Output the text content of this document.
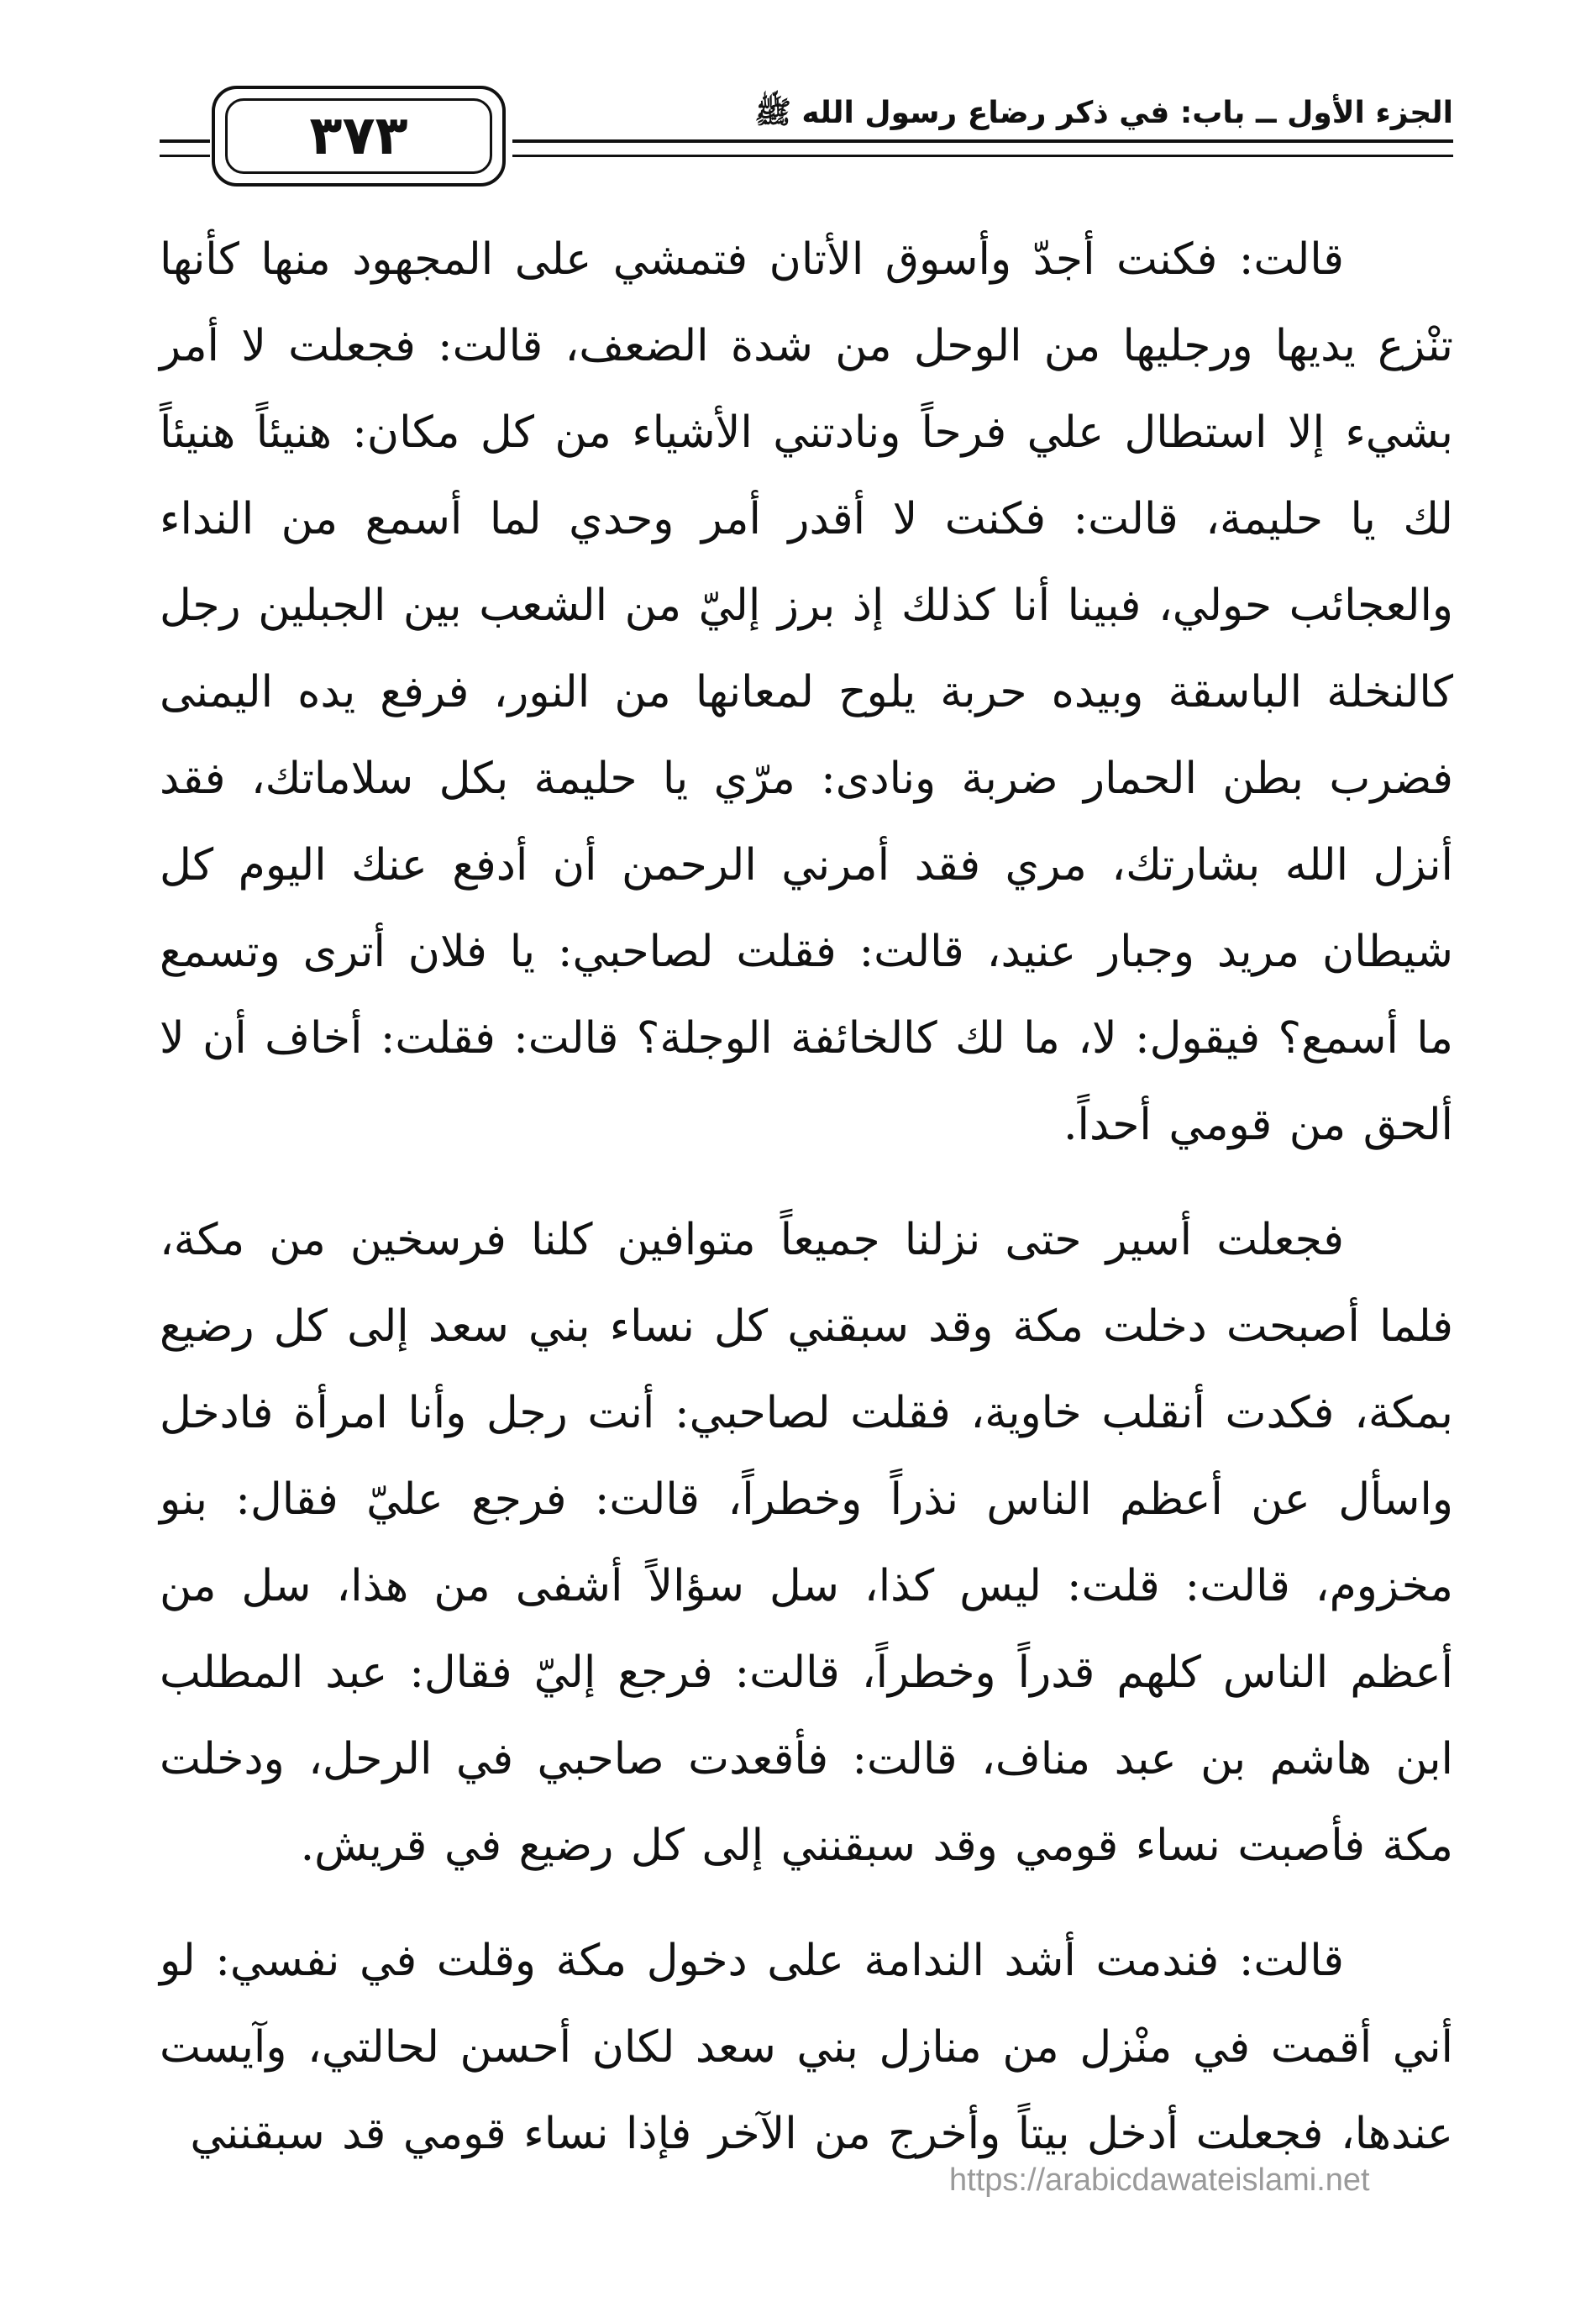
الجزء الأول ــ باب: في ذكر رضاع رسول الله ﷺ
٣٧٣

قالت: فكنت أجدّ وأسوق الأتان فتمشي على المجهود منها كأنها تنْزع يديها ورجليها من الوحل من شدة الضعف، قالت: فجعلت لا أمر بشيء إلا استطال علي فرحاً ونادتني الأشياء من كل مكان: هنيئاً هنيئاً لك يا حليمة، قالت: فكنت لا أقدر أمر وحدي لما أسمع من النداء والعجائب حولي، فبينا أنا كذلك إذ برز إليّ من الشعب بين الجبلين رجل كالنخلة الباسقة وبيده حربة يلوح لمعانها من النور، فرفع يده اليمنى فضرب بطن الحمار ضربة ونادى: مرّي يا حليمة بكل سلاماتك، فقد أنزل الله بشارتك، مري فقد أمرني الرحمن أن أدفع عنك اليوم كل شيطان مريد وجبار عنيد، قالت: فقلت لصاحبي: يا فلان أترى وتسمع ما أسمع؟ فيقول: لا، ما لك كالخائفة الوجلة؟ قالت: فقلت: أخاف أن لا ألحق من قومي أحداً.

فجعلت أسير حتى نزلنا جميعاً متوافين كلنا فرسخين من مكة، فلما أصبحت دخلت مكة وقد سبقني كل نساء بني سعد إلى كل رضيع بمكة، فكدت أنقلب خاوية، فقلت لصاحبي: أنت رجل وأنا امرأة فادخل واسأل عن أعظم الناس نذراً وخطراً، قالت: فرجع عليّ فقال: بنو مخزوم، قالت: قلت: ليس كذا، سل سؤالاً أشفى من هذا، سل من أعظم الناس كلهم قدراً وخطراً، قالت: فرجع إليّ فقال: عبد المطلب ابن هاشم بن عبد مناف، قالت: فأقعدت صاحبي في الرحل، ودخلت مكة فأصبت نساء قومي وقد سبقنني إلى كل رضيع في قريش.

قالت: فندمت أشد الندامة على دخول مكة وقلت في نفسي: لو أني أقمت في منْزل من منازل بني سعد لكان أحسن لحالتي، وآيست عندها، فجعلت أدخل بيتاً وأخرج من الآخر فإذا نساء قومي قد سبقنني

https://arabicdawateislami.net
